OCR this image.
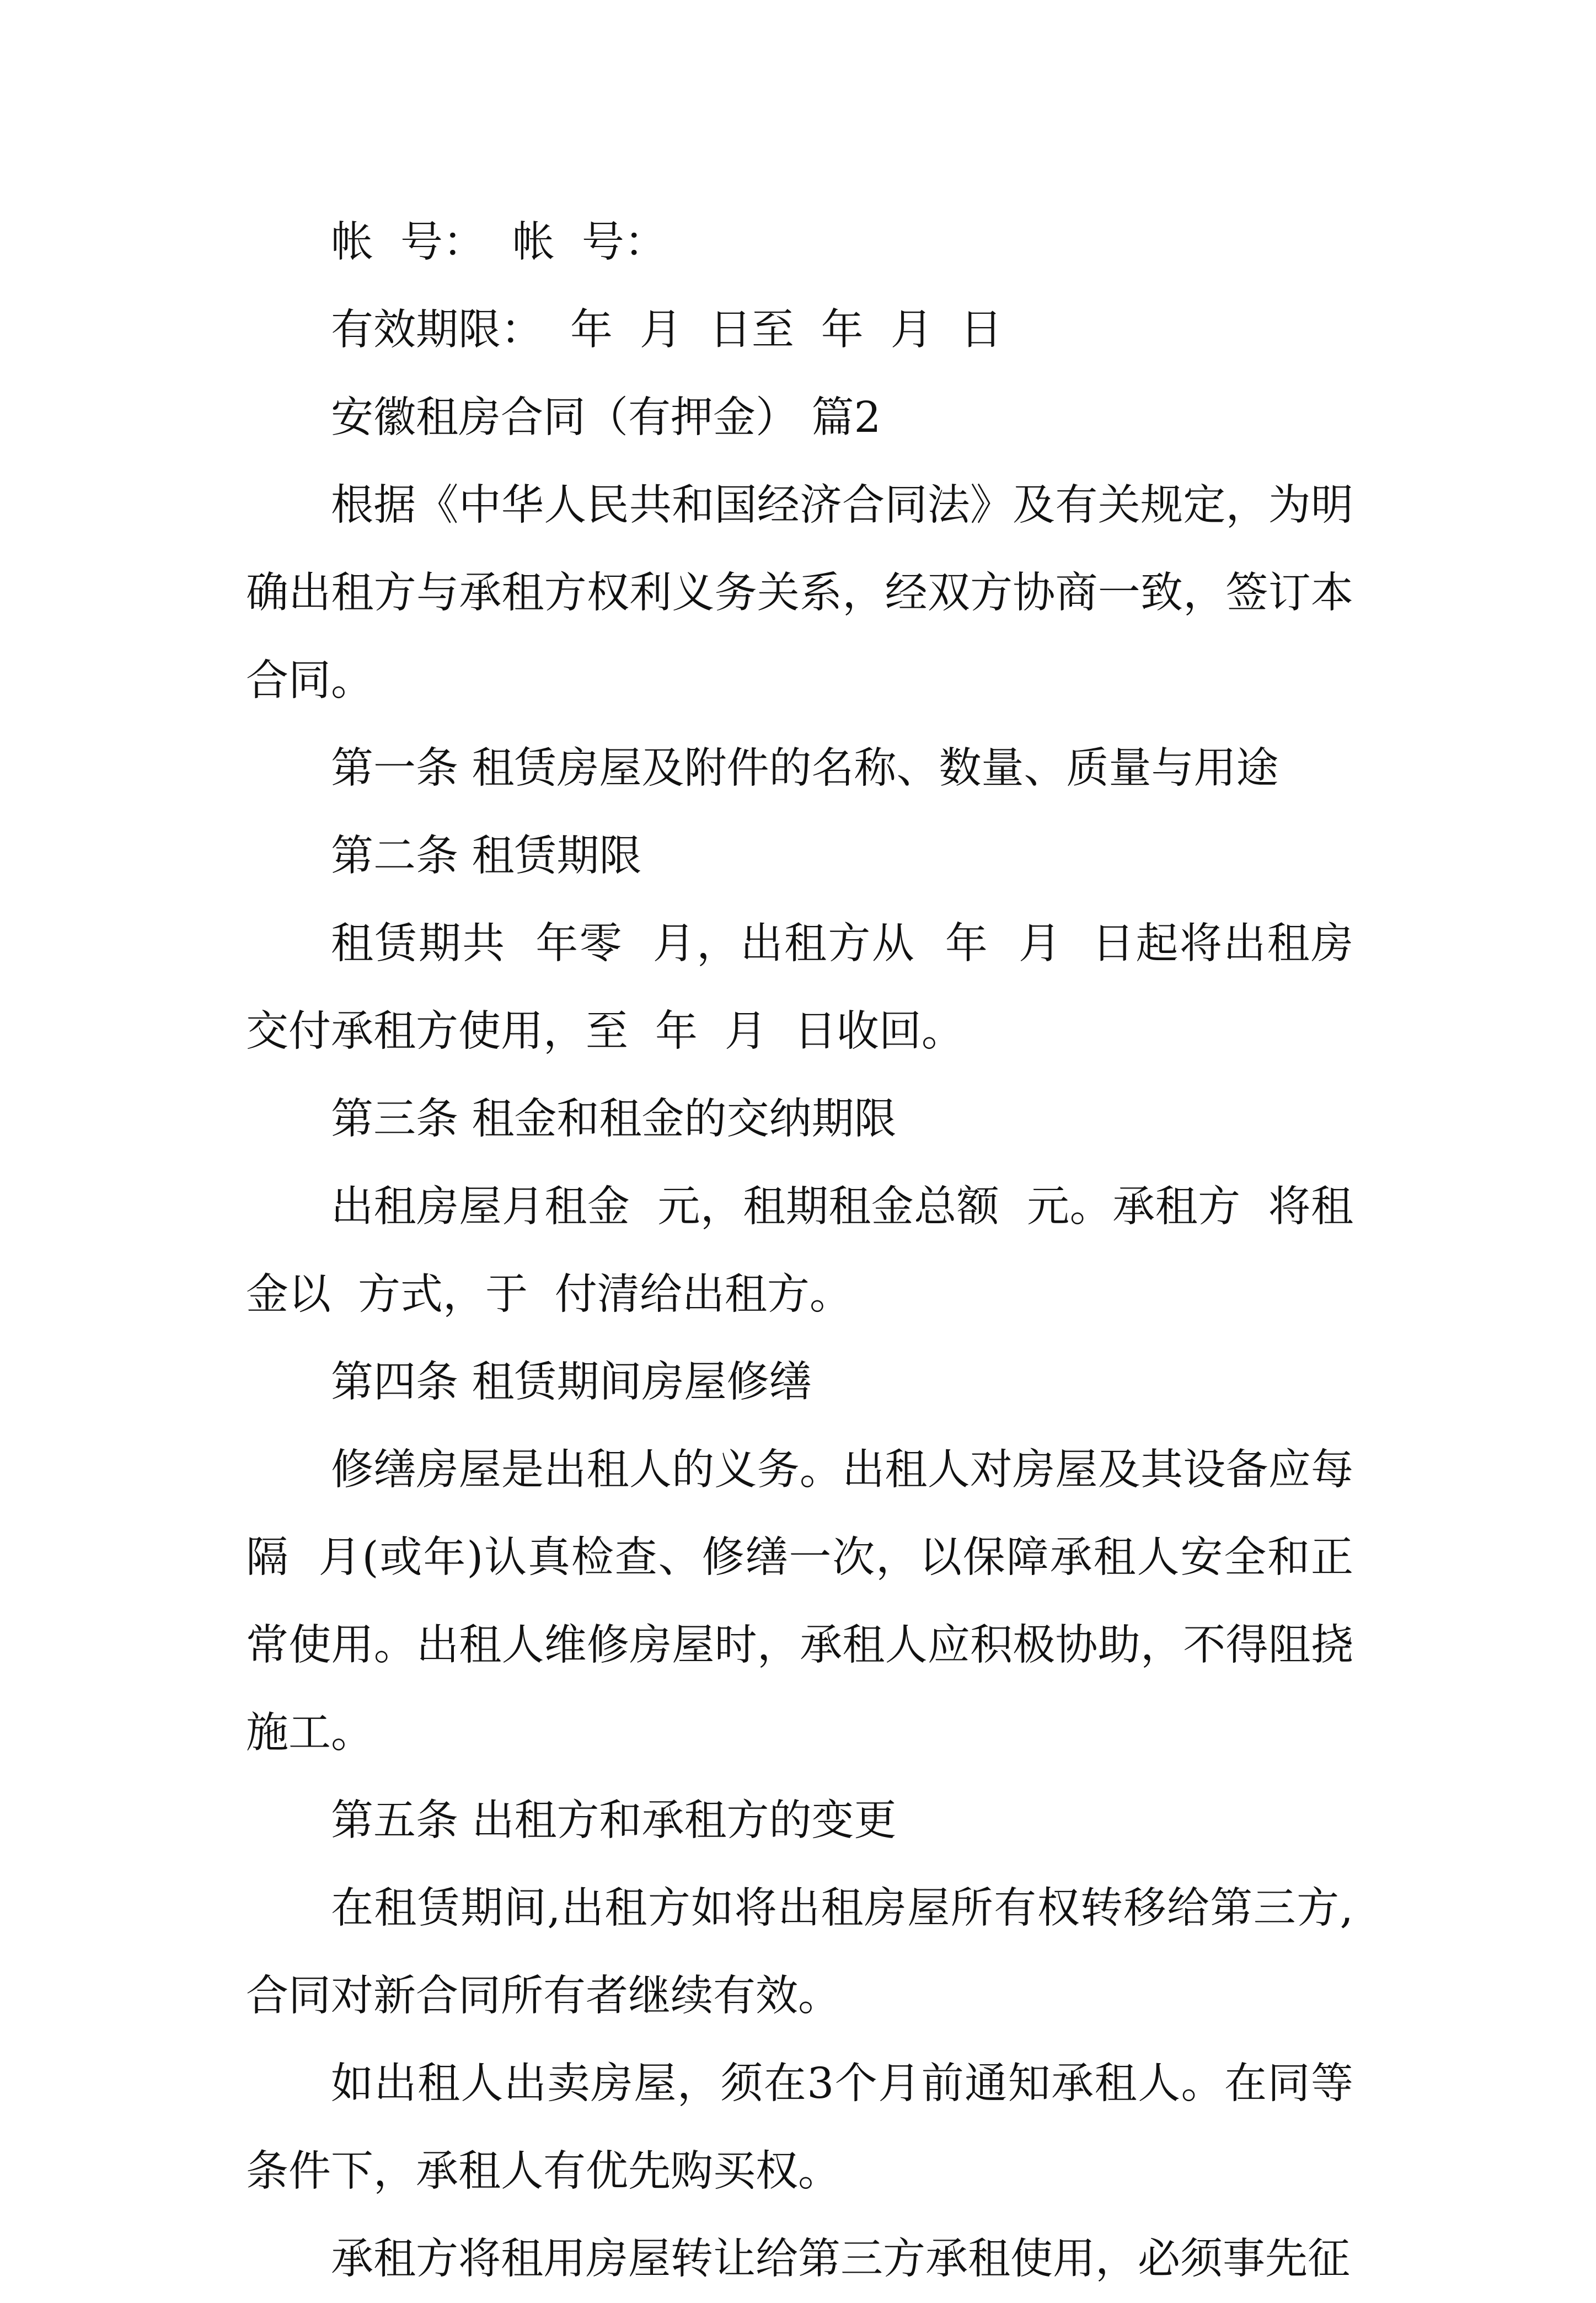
帐  号：  帐  号：

有效期限：  年  月  日至  年  月  日

安徽租房合同（有押金） 篇2

根据《中华人民共和国经济合同法》及有关规定，为明确出租方与承租方权利义务关系，经双方协商一致，签订本合同。

第一条 租赁房屋及附件的名称、数量、质量与用途

第二条 租赁期限

租赁期共  年零  月，出租方从  年  月  日起将出租房交付承租方使用，至  年  月  日收回。

第三条 租金和租金的交纳期限

出租房屋月租金  元，租期租金总额  元。承租方  将租金以  方式，于  付清给出租方。

第四条 租赁期间房屋修缮

修缮房屋是出租人的义务。出租人对房屋及其设备应每隔  月(或年)认真检查、修缮一次，以保障承租人安全和正常使用。出租人维修房屋时，承租人应积极协助，不得阻挠施工。

第五条 出租方和承租方的变更

在租赁期间,出租方如将出租房屋所有权转移给第三方,合同对新合同所有者继续有效。

如出租人出卖房屋，须在3个月前通知承租人。在同等条件下，承租人有优先购买权。

承租方将租用房屋转让给第三方承租使用，必须事先征
